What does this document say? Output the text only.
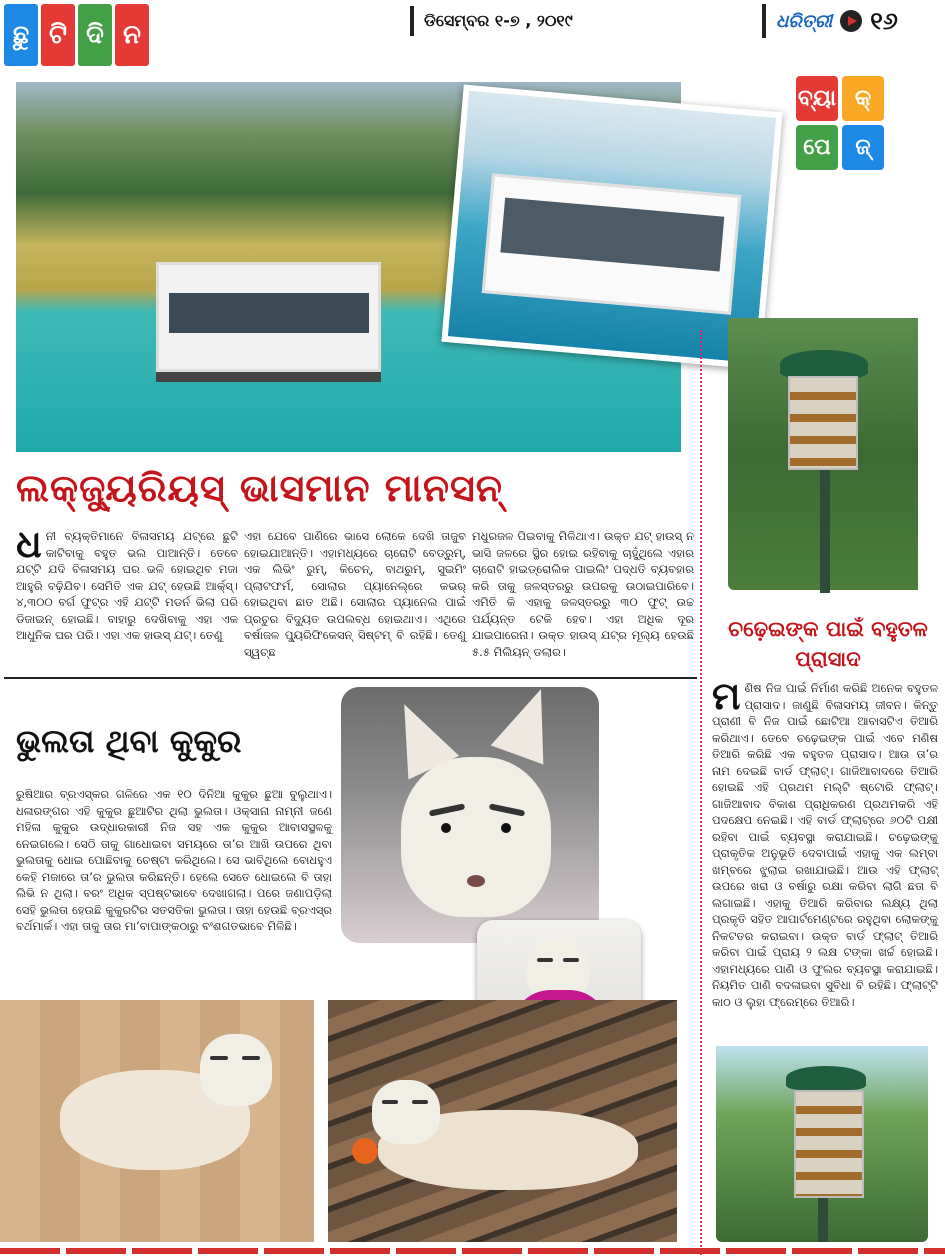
ଛୁ ଟି ଦି ନ	ଡିସେମ୍ବର ୧-୭ , ୨୦୧୯	ଧରିତ୍ରୀ ୧୬
ବ୍ୟା କ୍
ପେ	ଜ୍
ଲକ୍ଜ୍ୟୁରିୟସ୍ ଭାସମାନ ମାନସନ୍
ଧ ନୀ ବ୍ୟକ୍ତିମାନେ ବିଳାସମୟ ଯଟ୍‌ରେ ଛୁଟି କାଟିବାକୁ ବହୁତ ଭଲ ପାଆନ୍ତି। ତେବେ ଯଟ୍‌ଟି ଯଦି ବିଳାସମୟ ଘର ଭଳି ହୋଇଥିବ ମଜା ଆହୁରି ବଢ଼ିଯିବ। ସେମିତି ଏକ ଯଟ୍ ହେଉଛି ଆର୍କ୍ସ୍। ୪,୩୦୦ ବର୍ଗ ଫୁଟ୍‌ର ଏହି ଯଟ୍‌ଟି ମଡର୍ନ ଭିଲା ପରି ଡିଜାଇନ୍ ହୋଇଛି। ବାହାରୁ ଦେଖିବାକୁ ଏହା ଏକ ଆଧୁନିକ ଘର ପରି। ଏହା ଏକ ହାଉସ୍ ଯଟ୍। ତେଣୁ
ଏହା ଯେବେ ପାଣିରେ ଭାସେ ଲୋକେ ଦେଖି ତାଜୁବ ହୋଇଯାଆନ୍ତି। ଏହାମଧ୍ୟରେ ଚାରୋଟି ବେଡ୍‌ରୁମ୍, ଏକ ଲିଭିଂ ରୁମ୍, କିଚେନ୍, ବାଥରୁମ୍, ସୁଇମିଂ ପ୍ଲାଟଫର୍ମ, ସୋଲାର ପ୍ୟାନେଲ୍‌ରେ କଭର୍ ହୋଇଥିବା ଛାତ ଅଛି। ସୋଲାର ପ୍ୟାନେଲ ପାଇଁ ପ୍ରଚୁର ବିଦ୍ୟୁତ ଉପଲବ୍ଧ ହୋଇଥାଏ। ଏଥିରେ ବର୍ଷାଜଳ ପ୍ୟୁରିଫିକେସନ୍ ସିଷ୍ଟମ୍ ବି ରହିଛି। ତେଣୁ ସ୍ୱଚ୍ଛ
ମଧୁରଜଳ ପିଇବାକୁ ମିଳିଥାଏ। ଉକ୍ତ ଯଟ୍ ହାଉସ୍ ନ ଭାସି ଜଳରେ ସ୍ଥିର ହୋଇ ରହିବାକୁ ଚାହୁଁଥିଲେ ଏହାର ଚାରୋଟି ହାଇଡ୍ରୋଲିକ ପାଇଲିଂ ପଦ୍ଧତି ବ୍ୟବହାର କରି ତାକୁ ଜଳସ୍ତରରୁ ଉପରକୁ ଉଠାଇପାରିବେ। ଏମିତି କି ଏହାକୁ ଜଳସ୍ତରରୁ ୩୦ ଫୁଟ୍ ଉଚ୍ଚ ପର୍ଯ୍ୟନ୍ତ ଟେକି ହେବ। ଏହା ଅଧିକ ଦୂର ଯାଇପାରେନା। ଉକ୍ତ ହାଉସ୍ ଯଟ୍‌ର ମୂଲ୍ୟ ହେଉଛି ୫.୫ ମିଲିୟନ୍ ଡଲାର।
ଚଢ଼େଇଙ୍କ ପାଇଁ ବହୁତଳ ପ୍ରାସାଦ
ମ ଣିଷ ନିଜ ପାଇଁ ନିର୍ମାଣ କରିଛି ଅନେକ ବହୁତଳ ପ୍ରାସାଦ। ଜାଣୁଛି ବିଳାସମୟ ଜୀବନ। କିନ୍ତୁ ପ୍ରାଣୀ ବି ନିଜ ପାଇଁ ଛୋଟିଆ ଆବାସଟିଏ ତିଆରି କରିଥାଏ। ତେବେ ଚଢ଼େଇଙ୍କ ପାଇଁ ଏବେ ମଣିଷ ତିଆରି କରିଛି ଏକ ବହୁତଳ ପ୍ରାସାଦ। ଆଉ ତା’ର ନାମ ଦେଇଛି ବାର୍ଡ ଫ୍ଲାଟ୍। ଗାଜିଆବାଦରେ ତିଆରି ହୋଇଛି ଏହି ପ୍ରଥମ ମଲ୍ଟି ଷ୍ଟୋରି ଫ୍ଲାଟ୍। ଗାଜିଆବାଦ ବିକାଶ ପ୍ରାଧିକରଣ ପ୍ରଥମକରି ଏହି ପଦକ୍ଷେପ ନେଇଛି। ଏହି ବାର୍ଡ ଫ୍ଲାଟ୍‌ରେ ୬୦ଟି ପକ୍ଷୀ ରହିବା ପାଇଁ ବ୍ୟବସ୍ଥା କରାଯାଇଛି। ଚଢ଼େଇଙ୍କୁ ପ୍ରାକୃତିକ ଅନୁଭୂତି ଦେବାପାଇଁ ଏହାକୁ ଏକ ଲମ୍ବା ଖମ୍ବରେ ଝୁଲାଇ ରଖାଯାଇଛି। ଆଉ ଏହି ଫ୍ଲାଟ୍ ଉପରେ ଖରା ଓ ବର୍ଷାରୁ ରକ୍ଷା କରିବା ଲାଗି ଛତା ବି ଲଗାଇଛି। ଏହାକୁ ତିଆରି କରିବାର ଲକ୍ଷ୍ୟ ଥିଲା ପ୍ରକୃତି ସହିତ ଆପାର୍ଟମେଣ୍ଟରେ ରହୁଥିବା ଲୋକଙ୍କୁ ନିକଟତର କରାଇବା। ଉକ୍ତ ବାର୍ଡ ଫ୍ଲାଟ୍ ତିଆରି କରିବା ପାଇଁ ପ୍ରାୟ ୨ ଲକ୍ଷ ଟଙ୍କା ଖର୍ଚ୍ଚ ହୋଇଛି। ଏହାମଧ୍ୟରେ ପାଣି ଓ ଫୁଲର ବ୍ୟବସ୍ଥା କରାଯାଇଛି। ନିୟମିତ ପାଣି ବଦଳାଇବା ସୁବିଧା ବି ରହିଛି। ଫ୍ଲାଟ୍‌ଟି କାଠ ଓ ଲୁହା ଫ୍ରେମ୍‌ରେ ତିଆରି।
ଭୁଲତା ଥିବା କୁକୁର
ରୁଷିଆର ବ୍ରଏସ୍କର ଗଳିରେ ଏକ ୧୦ ଦିନିଆ କୁକୁର ଛୁଆ ବୁଲୁଥାଏ। ଧଳାରଙ୍ଗର ଏହି କୁକୁର ଛୁଆଟିର ଥିଲା ଭୁଲତା। ଓକ୍ସାନା ନାମ୍ନୀ ଜଣେ ମହିଳା କୁକୁର ଉଦ୍ଧାରକାରୀ ନିଜ ସହ ଏକ କୁକୁର ଆବାସସ୍ଥଳକୁ ନେଇଗଲେ। ସେଠି ତାକୁ ଗାଧୋଇବା ସମୟରେ ତା’ର ଆଖି ଉପରେ ଥିବା ଭୁଲତାକୁ ଧୋଇ ପୋଛିବାକୁ ଚେଷ୍ଟା କରିଥିଲେ। ସେ ଭାବିଥିଲେ ବୋଧହୁଏ କେହି ମଜାରେ ତା’ର ଭୁଲତା କରିଛନ୍ତି। ହେଲେ ସେତେ ଧୋଇଲେ ବି ତାହା ଲିଭି ନ ଥିଲା। ବରଂ ଅଧିକ ସ୍ପଷ୍ଟଭାବେ ଦେଖାଗଲା। ପରେ ଜଣାପଡ଼ିଲା ସେହି ଭୁଲତା ହେଉଛି କୁକୁରଟିର ସତସତିକା ଭୁଲତା। ତାହା ହେଉଛି ବ୍ରଏସ୍‌ର ବର୍ଥମାର୍କ। ଏହା ତାକୁ ତାର ମା’ବାପାଙ୍କଠାରୁ ବଂଶଗତଭାବେ ମିଳିଛି।
